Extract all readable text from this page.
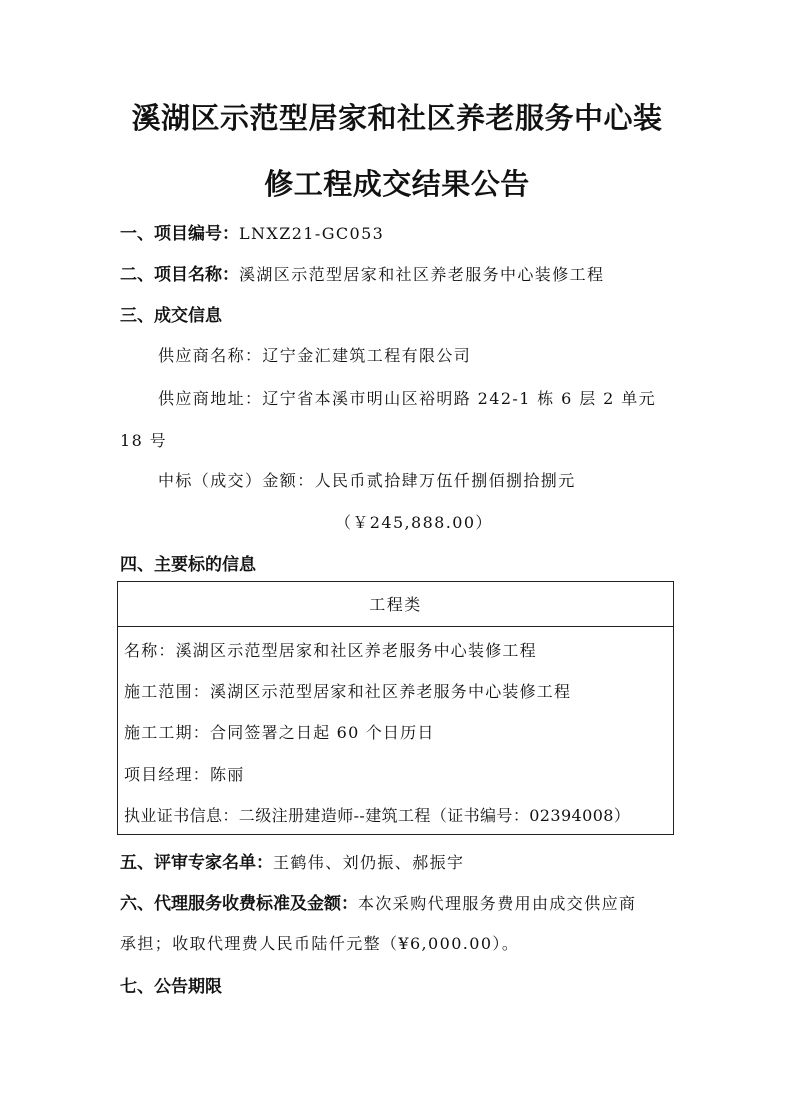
溪湖区示范型居家和社区养老服务中心装
修工程成交结果公告
一、项目编号：LNXZ21-GC053
二、项目名称：溪湖区示范型居家和社区养老服务中心装修工程
三、成交信息
供应商名称：辽宁金汇建筑工程有限公司
供应商地址：辽宁省本溪市明山区裕明路 242-1 栋 6 层 2 单元
18 号
中标（成交）金额：人民币贰拾肆万伍仟捌佰捌拾捌元
（￥245,888.00）
四、主要标的信息
工程类
名称：溪湖区示范型居家和社区养老服务中心装修工程
施工范围：溪湖区示范型居家和社区养老服务中心装修工程
施工工期：合同签署之日起 60 个日历日
项目经理：陈丽
执业证书信息：二级注册建造师--建筑工程（证书编号：02394008）
五、评审专家名单：王鹤伟、刘仍振、郝振宇
六、代理服务收费标准及金额：本次采购代理服务费用由成交供应商
承担；收取代理费人民币陆仟元整（¥6,000.00）。
七、公告期限
